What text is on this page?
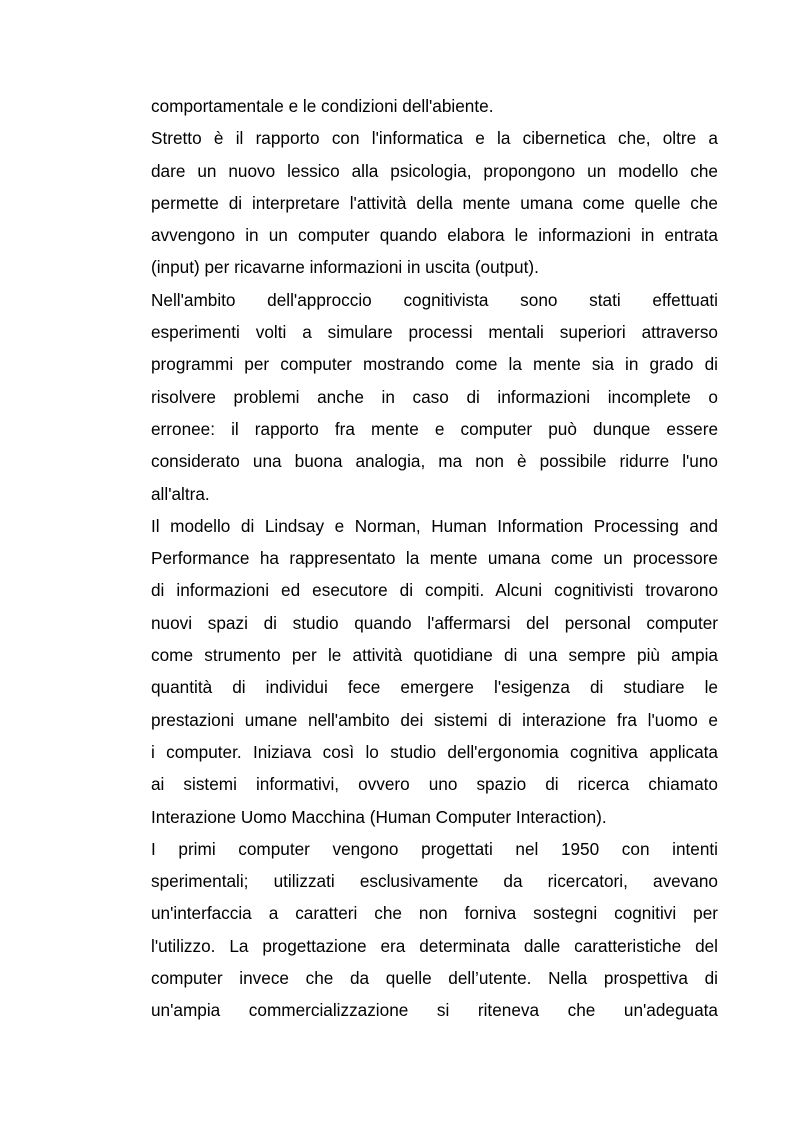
comportamentale e le condizioni dell'abiente.
Stretto è il rapporto con l'informatica e la cibernetica che, oltre a
dare un nuovo lessico alla psicologia, propongono un modello che
permette di interpretare l'attività della mente umana come quelle che
avvengono in un computer quando elabora le informazioni in entrata
(input) per ricavarne informazioni in uscita (output).
Nell'ambito dell'approccio cognitivista sono stati effettuati
esperimenti volti a simulare processi mentali superiori attraverso
programmi per computer mostrando come la mente sia in grado di
risolvere problemi anche in caso di informazioni incomplete o
erronee: il rapporto fra mente e computer può dunque essere
considerato una buona analogia, ma non è possibile ridurre l'uno
all'altra.
Il modello di Lindsay e Norman, Human Information Processing and
Performance ha rappresentato la mente umana come un processore
di informazioni ed esecutore di compiti. Alcuni cognitivisti trovarono
nuovi spazi di studio quando l'affermarsi del personal computer
come strumento per le attività quotidiane di una sempre più ampia
quantità di individui fece emergere l'esigenza di studiare le
prestazioni umane nell'ambito dei sistemi di interazione fra l'uomo e
i computer. Iniziava così lo studio dell'ergonomia cognitiva applicata
ai sistemi informativi, ovvero uno spazio di ricerca chiamato
Interazione Uomo Macchina (Human Computer Interaction).
I primi computer vengono progettati nel 1950 con intenti
sperimentali; utilizzati esclusivamente da ricercatori, avevano
un'interfaccia a caratteri che non forniva sostegni cognitivi per
l'utilizzo. La progettazione era determinata dalle caratteristiche del
computer invece che da quelle dell’utente. Nella prospettiva di
un'ampia commercializzazione si riteneva che un'adeguata
